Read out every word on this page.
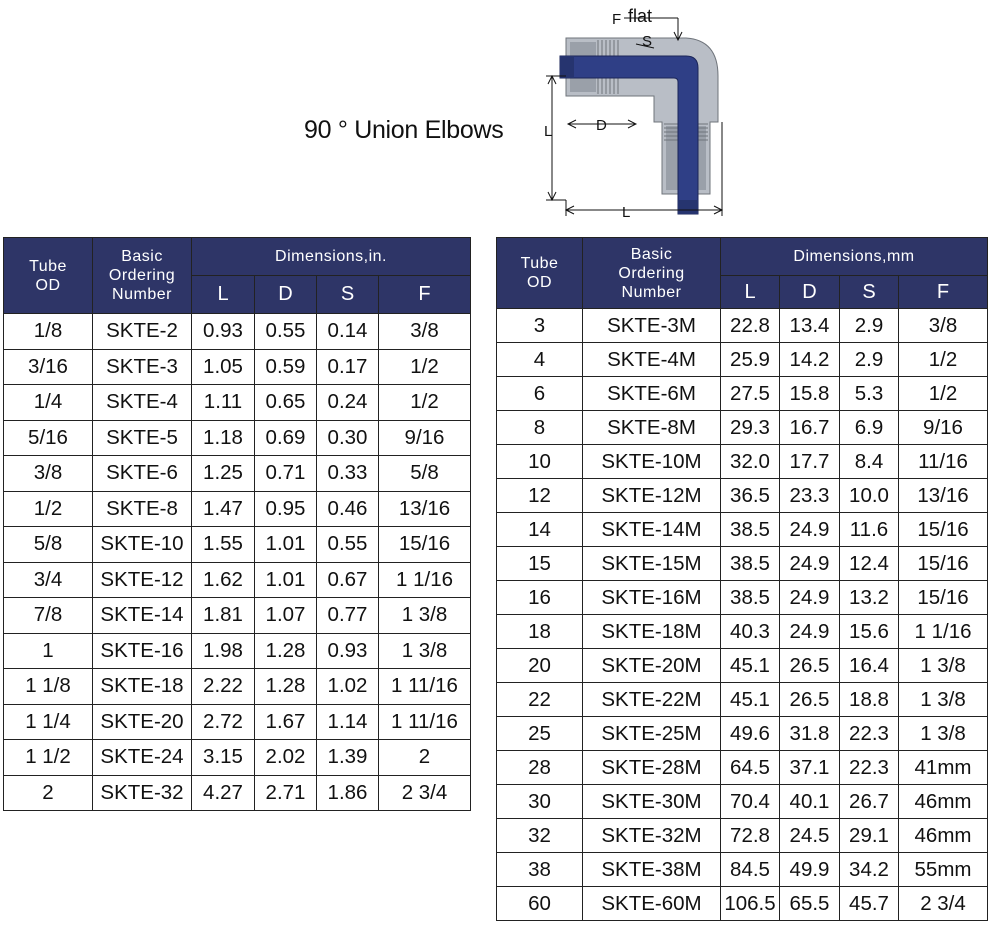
90 ° Union Elbows
F flat
S
D
L
L
Tube OD	Basic Ordering Number	Dimensions,in.			
		L	D	S	F
1/8	SKTE-2	0.93	0.55	0.14	3/8
3/16	SKTE-3	1.05	0.59	0.17	1/2
1/4	SKTE-4	1.11	0.65	0.24	1/2
5/16	SKTE-5	1.18	0.69	0.30	9/16
3/8	SKTE-6	1.25	0.71	0.33	5/8
1/2	SKTE-8	1.47	0.95	0.46	13/16
5/8	SKTE-10	1.55	1.01	0.55	15/16
3/4	SKTE-12	1.62	1.01	0.67	1 1/16
7/8	SKTE-14	1.81	1.07	0.77	1 3/8
1	SKTE-16	1.98	1.28	0.93	1 3/8
1 1/8	SKTE-18	2.22	1.28	1.02	1 11/16
1 1/4	SKTE-20	2.72	1.67	1.14	1 11/16
1 1/2	SKTE-24	3.15	2.02	1.39	2
2	SKTE-32	4.27	2.71	1.86	2 3/4
Tube OD	Basic Ordering Number	Dimensions,mm			
		L	D	S	F
3	SKTE-3M	22.8	13.4	2.9	3/8
4	SKTE-4M	25.9	14.2	2.9	1/2
6	SKTE-6M	27.5	15.8	5.3	1/2
8	SKTE-8M	29.3	16.7	6.9	9/16
10	SKTE-10M	32.0	17.7	8.4	11/16
12	SKTE-12M	36.5	23.3	10.0	13/16
14	SKTE-14M	38.5	24.9	11.6	15/16
15	SKTE-15M	38.5	24.9	12.4	15/16
16	SKTE-16M	38.5	24.9	13.2	15/16
18	SKTE-18M	40.3	24.9	15.6	1 1/16
20	SKTE-20M	45.1	26.5	16.4	1 3/8
22	SKTE-22M	45.1	26.5	18.8	1 3/8
25	SKTE-25M	49.6	31.8	22.3	1 3/8
28	SKTE-28M	64.5	37.1	22.3	41mm
30	SKTE-30M	70.4	40.1	26.7	46mm
32	SKTE-32M	72.8	24.5	29.1	46mm
38	SKTE-38M	84.5	49.9	34.2	55mm
60	SKTE-60M	106.5	65.5	45.7	2 3/4
